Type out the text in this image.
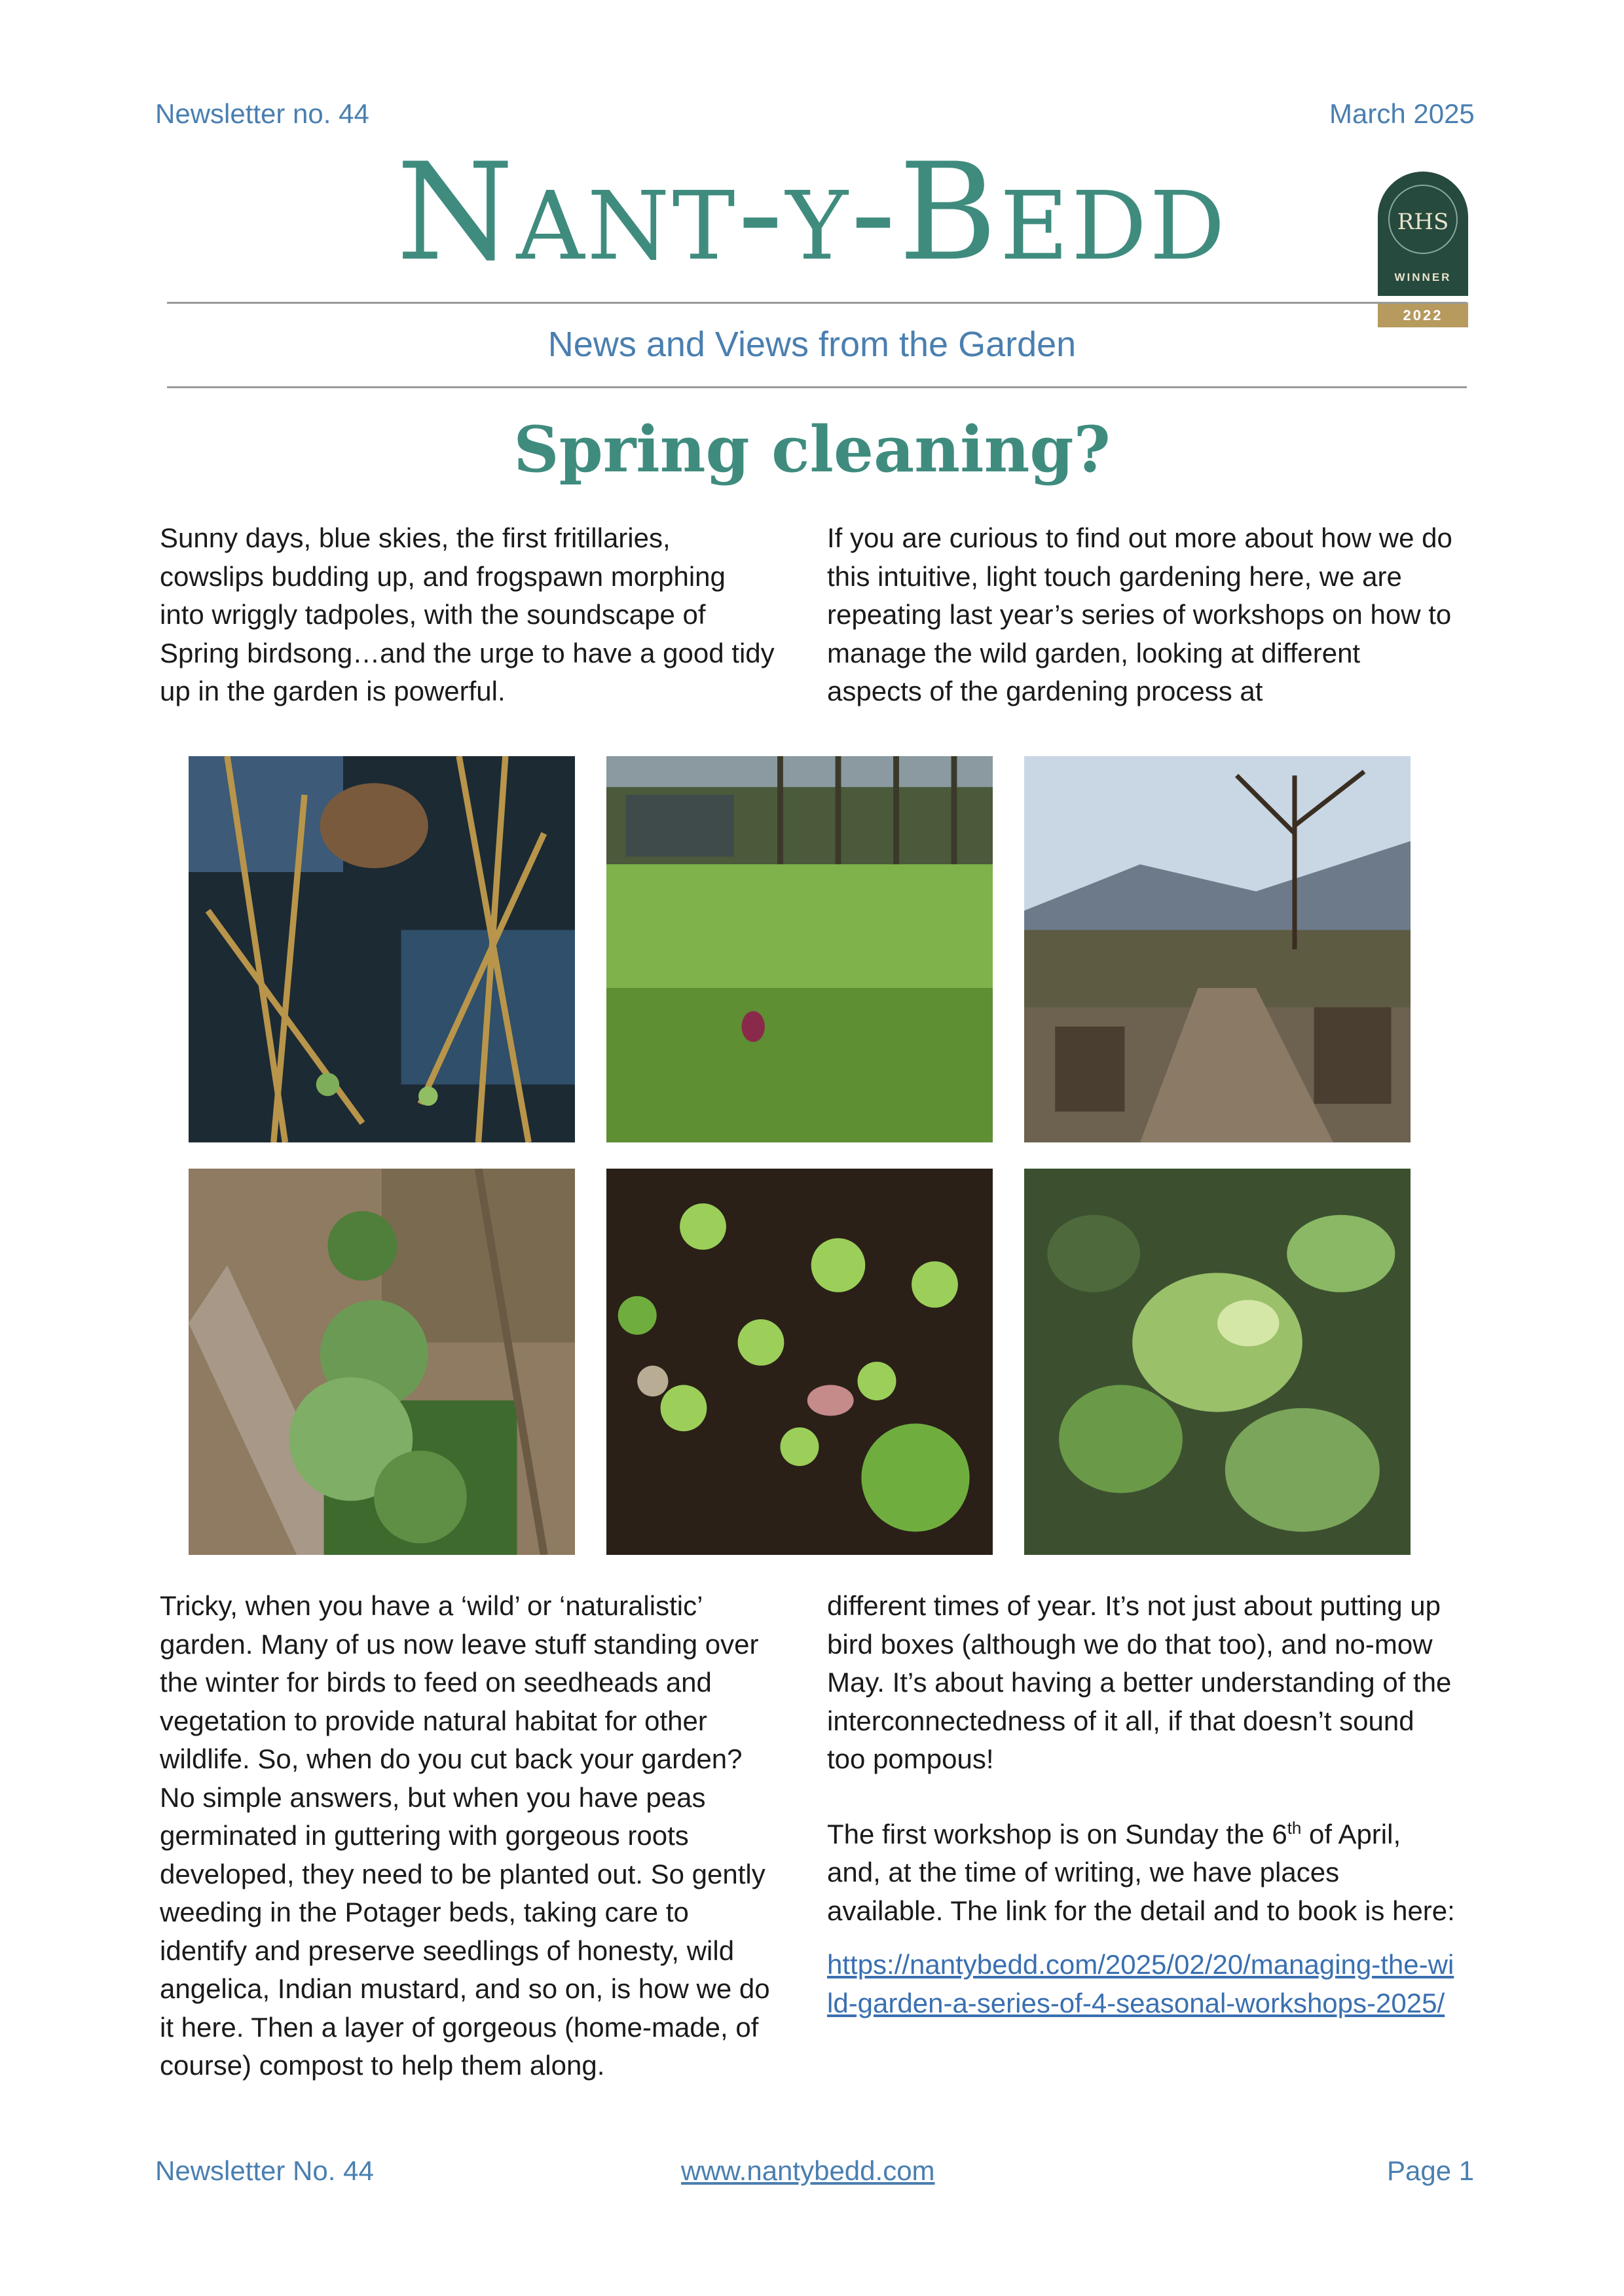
Newsletter no. 44	March 2025
Nant-y-Bedd	RHS
WINNER
2022
News and Views from the Garden
Spring cleaning?

Sunny days, blue skies, the first fritillaries, cowslips budding up, and frogspawn morphing into wriggly tadpoles, with the soundscape of Spring birdsong…and the urge to have a good tidy up in the garden is powerful.

If you are curious to find out more about how we do this intuitive, light touch gardening here, we are repeating last year’s series of workshops on how to manage the wild garden, looking at different aspects of the gardening process at

Tricky, when you have a ‘wild’ or ‘naturalistic’ garden. Many of us now leave stuff standing over the winter for birds to feed on seedheads and vegetation to provide natural habitat for other wildlife. So, when do you cut back your garden? No simple answers, but when you have peas germinated in guttering with gorgeous roots developed, they need to be planted out. So gently weeding in the Potager beds, taking care to identify and preserve seedlings of honesty, wild angelica, Indian mustard, and so on, is how we do it here. Then a layer of gorgeous (home-made, of course) compost to help them along.

different times of year. It’s not just about putting up bird boxes (although we do that too), and no-mow May. It’s about having a better understanding of the interconnectedness of it all, if that doesn’t sound too pompous!

The first workshop is on Sunday the 6th of April, and, at the time of writing, we have places available. The link for the detail and to book is here:

https://nantybedd.com/2025/02/20/managing-the-wild-garden-a-series-of-4-seasonal-workshops-2025/

Newsletter No. 44	www.nantybedd.com	Page 1
